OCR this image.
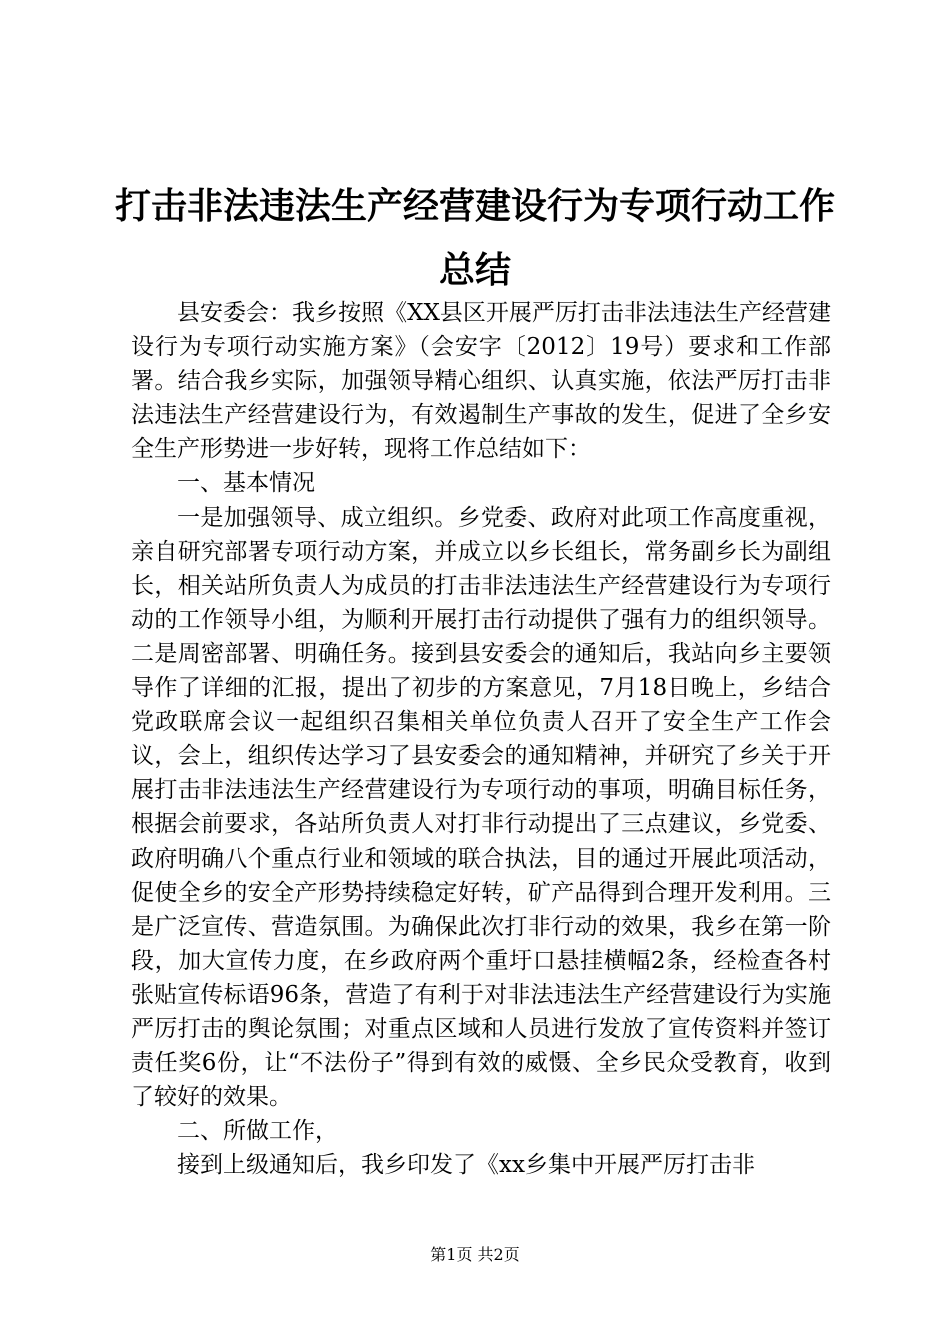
打击非法违法生产经营建设行为专项行动工作
总结

县安委会：我乡按照《XX县区开展严厉打击非法违法生产经营建设行为专项行动实施方案》（会安字〔2012〕19号）要求和工作部署。结合我乡实际，加强领导精心组织、认真实施，依法严厉打击非法违法生产经营建设行为，有效遏制生产事故的发生，促进了全乡安全生产形势进一步好转，现将工作总结如下：

一、基本情况

一是加强领导、成立组织。乡党委、政府对此项工作高度重视，亲自研究部署专项行动方案，并成立以乡长组长，常务副乡长为副组长，相关站所负责人为成员的打击非法违法生产经营建设行为专项行动的工作领导小组，为顺利开展打击行动提供了强有力的组织领导。二是周密部署、明确任务。接到县安委会的通知后，我站向乡主要领导作了详细的汇报，提出了初步的方案意见，7月18日晚上，乡结合党政联席会议一起组织召集相关单位负责人召开了安全生产工作会议，会上，组织传达学习了县安委会的通知精神，并研究了乡关于开展打击非法违法生产经营建设行为专项行动的事项，明确目标任务，根据会前要求，各站所负责人对打非行动提出了三点建议，乡党委、政府明确八个重点行业和领域的联合执法，目的通过开展此项活动，促使全乡的安全产形势持续稳定好转，矿产品得到合理开发利用。三是广泛宣传、营造氛围。为确保此次打非行动的效果，我乡在第一阶段，加大宣传力度，在乡政府两个重圩口悬挂横幅2条，经检查各村张贴宣传标语96条，营造了有利于对非法违法生产经营建设行为实施严厉打击的舆论氛围；对重点区域和人员进行发放了宣传资料并签订责任奖6份，让“不法份子”得到有效的威慑、全乡民众受教育，收到了较好的效果。

二、所做工作，

接到上级通知后，我乡印发了《xx乡集中开展严厉打击非

第1页 共2页
